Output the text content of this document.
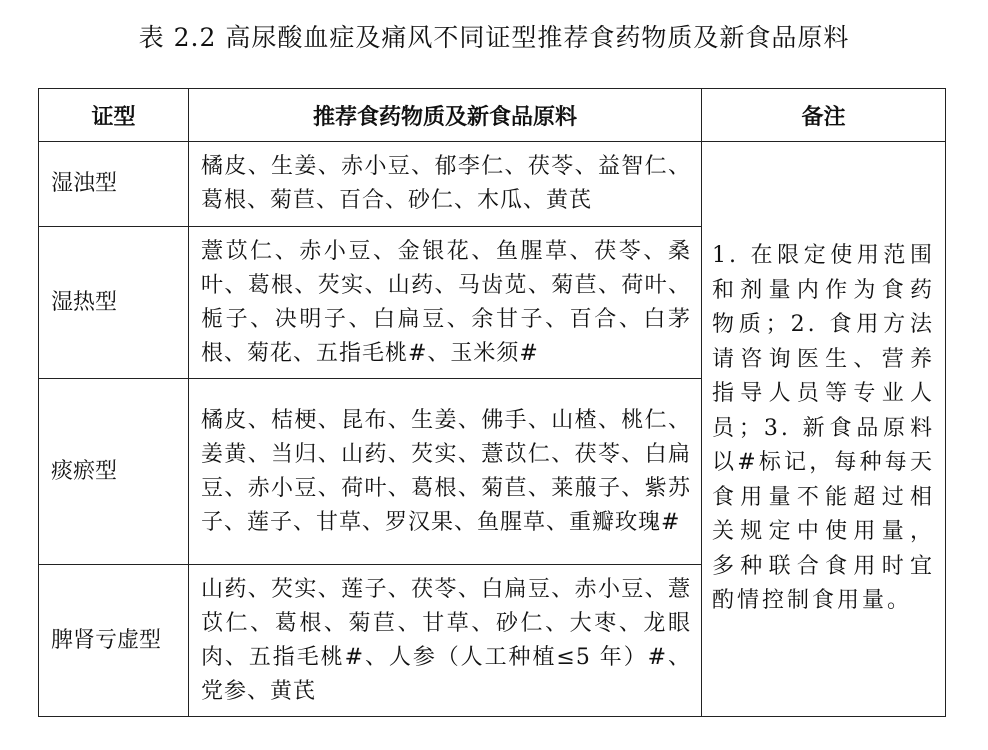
表 2.2 高尿酸血症及痛风不同证型推荐食药物质及新食品原料
证型	推荐食药物质及新食品原料	备注
湿浊型	橘皮、生姜、赤小豆、郁李仁、茯苓、益智仁、葛根、菊苣、百合、砂仁、木瓜、黄芪	1. 在限定使用范围和剂量内作为食药物质；2. 食用方法请咨询医生、营养指导人员等专业人员；3. 新食品原料以#标记，每种每天食用量不能超过相关规定中使用量，多种联合食用时宜酌情控制食用量。
湿热型	薏苡仁、赤小豆、金银花、鱼腥草、茯苓、桑叶、葛根、芡实、山药、马齿苋、菊苣、荷叶、栀子、决明子、白扁豆、余甘子、百合、白茅根、菊花、五指毛桃#、玉米须#	
痰瘀型	橘皮、桔梗、昆布、生姜、佛手、山楂、桃仁、姜黄、当归、山药、芡实、薏苡仁、茯苓、白扁豆、赤小豆、荷叶、葛根、菊苣、莱菔子、紫苏子、莲子、甘草、罗汉果、鱼腥草、重瓣玫瑰#	
脾肾亏虚型	山药、芡实、莲子、茯苓、白扁豆、赤小豆、薏苡仁、葛根、菊苣、甘草、砂仁、大枣、龙眼肉、五指毛桃#、人参（人工种植≤5 年）#、党参、黄芪	
